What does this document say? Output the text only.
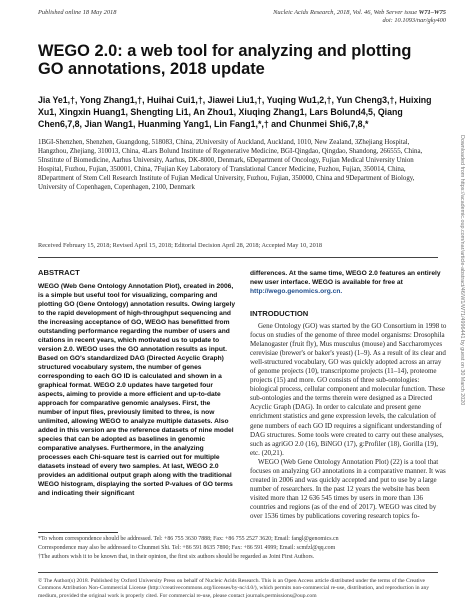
Published online 18 May 2018	Nucleic Acids Research, 2018, Vol. 46, Web Server issue W71–W75
doi: 10.1093/nar/gky400
WEGO 2.0: a web tool for analyzing and plotting GO annotations, 2018 update
Jia Ye1,†, Yong Zhang1,†, Huihai Cui1,†, Jiawei Liu1,†, Yuqing Wu1,2,†, Yun Cheng3,†, Huixing Xu1, Xingxin Huang1, Shengting Li1, An Zhou1, Xiuqing Zhang1, Lars Bolund4,5, Qiang Chen6,7,8, Jian Wang1, Huanming Yang1, Lin Fang1,*,† and Chunmei Shi6,7,8,*
1BGI-Shenzhen, Shenzhen, Guangdong, 518083, China, 2University of Auckland, Auckland, 1010, New Zealand, 3Zhejiang Hospital, Hangzhou, Zhejiang, 310013, China, 4Lars Bolund Institute of Regenerative Medicine, BGI-Qingdao, Qingdao, Shandong, 266555, China, 5Institute of Biomedicine, Aarhus University, Aarhus, DK-8000, Denmark, 6Department of Oncology, Fujian Medical University Union Hospital, Fuzhou, Fujian, 350001, China, 7Fujian Key Laboratory of Translational Cancer Medicine, Fuzhou, Fujian, 350014, China, 8Department of Stem Cell Research Institute of Fujian Medical University, Fuzhou, Fujian, 350000, China and 9Department of Biology, University of Copenhagen, Copenhagen, 2100, Denmark
Received February 15, 2018; Revised April 15, 2018; Editorial Decision April 28, 2018; Accepted May 10, 2018
ABSTRACT
WEGO (Web Gene Ontology Annotation Plot), created in 2006, is a simple but useful tool for visualizing, comparing and plotting GO (Gene Ontology) annotation results. Owing largely to the rapid development of high-throughput sequencing and the increasing acceptance of GO, WEGO has benefitted from outstanding performance regarding the number of users and citations in recent years, which motivated us to update to version 2.0. WEGO uses the GO annotation results as input. Based on GO's standardized DAG (Directed Acyclic Graph) structured vocabulary system, the number of genes corresponding to each GO ID is calculated and shown in a graphical format. WEGO 2.0 updates have targeted four aspects, aiming to provide a more efficient and up-to-date approach for comparative genomic analyses. First, the number of input files, previously limited to three, is now unlimited, allowing WEGO to analyze multiple datasets. Also added in this version are the reference datasets of nine model species that can be adopted as baselines in genomic comparative analyses. Furthermore, in the analyzing processes each Chi-square test is carried out for multiple datasets instead of every two samples. At last, WEGO 2.0 provides an additional output graph along with the traditional WEGO histogram, displaying the sorted P-values of GO terms and indicating their significant
differences. At the same time, WEGO 2.0 features an entirely new user interface. WEGO is available for free at http://wego.genomics.org.cn.
INTRODUCTION
Gene Ontology (GO) was started by the GO Consortium in 1998 to focus on studies of the genome of three model organisms: Drosophila Melanogaster (fruit fly), Mus musculus (mouse) and Saccharomyces cerevisiae (brewer's or baker's yeast) (1–9). As a result of its clear and well-structured vocabulary, GO was quickly adopted across an array of genome projects (10), transcriptome projects (11–14), proteome projects (15) and more. GO consists of three sub-ontologies: biological process, cellular component and molecular function. These sub-ontologies and the terms therein were designed as a Directed Acyclic Graph (DAG). In order to calculate and present gene enrichment statistics and gene expression levels, the calculation of gene numbers of each GO ID requires a significant understanding of DAG structures. Some tools were created to carry out these analyses, such as agriGO 2.0 (16), BiNGO (17), g:Profiler (18), Gorilla (19), etc. (20,21).
WEGO (Web Gene Ontology Annotation Plot) (22) is a tool that focuses on analyzing GO annotations in a comparative manner. It was created in 2006 and was quickly accepted and put to use by a large number of researchers. In the past 12 years the website has been visited more than 12 636 545 times by users in more than 136 countries and regions (as of the end of 2017). WEGO was cited by over 1536 times by publications covering research topics fo-
*To whom correspondence should be addressed. Tel: +86 755 3630 7888; Fax: +86 755 2527 3620; Email: fangl@genomics.cn
Correspondence may also be addressed to Chunmei Shi. Tel: +86 591 8635 7890; Fax: +86 591 4999; Email: scmfzl@qq.com
†The authors wish it to be known that, in their opinion, the first six authors should be regarded as Joint First Authors.
© The Author(s) 2018. Published by Oxford University Press on behalf of Nucleic Acids Research. This is an Open Access article distributed under the terms of the Creative Commons Attribution Non-Commercial License (http://creativecommons.org/licenses/by-nc/4.0/), which permits non-commercial re-use, distribution, and reproduction in any medium, provided the original work is properly cited. For commercial re-use, please contact journals.permissions@oup.com
Downloaded from https://academic.oup.com/nar/article-abstract/46/W1/W71/4996441 by guest on 30 March 2020
